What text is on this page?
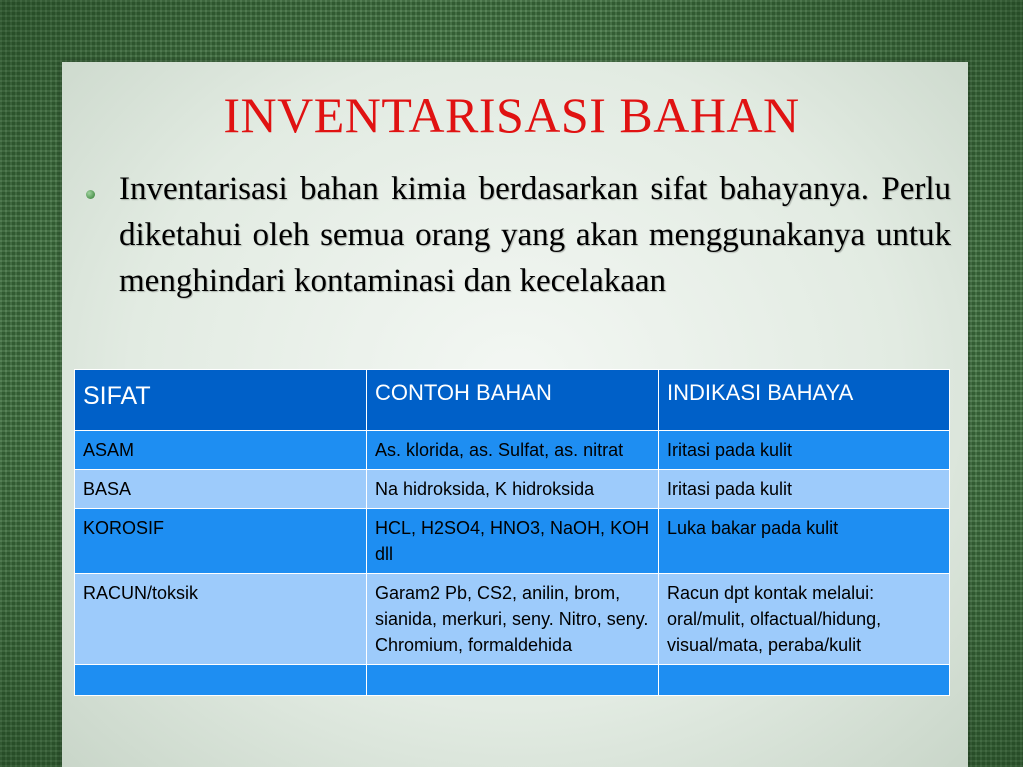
INVENTARISASI BAHAN
Inventarisasi bahan kimia berdasarkan sifat bahayanya. Perlu diketahui oleh semua orang yang akan menggunakanya untuk menghindari kontaminasi dan kecelakaan
SIFAT	CONTOH BAHAN	INDIKASI BAHAYA
ASAM	As. klorida, as. Sulfat, as. nitrat	Iritasi pada kulit
BASA	Na hidroksida, K hidroksida	Iritasi pada kulit
KOROSIF	HCL, H2SO4, HNO3, NaOH, KOH dll	Luka bakar pada kulit
RACUN/toksik	Garam2 Pb, CS2, anilin, brom, sianida, merkuri, seny. Nitro, seny. Chromium, formaldehida	Racun dpt kontak melalui: oral/mulit, olfactual/hidung, visual/mata, peraba/kulit
